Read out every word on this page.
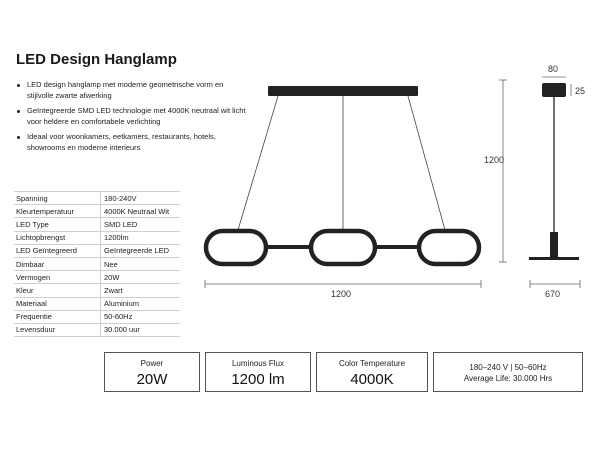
LED Design Hanglamp
LED design hanglamp met moderne geometrische vorm en stijlvolle zwarte afwerking
Geïntegreerde SMD LED technologie met 4000K neutraal wit licht voor heldere en comfortabele verlichting
Ideaal voor woonkamers, eetkamers, restaurants, hotels, showrooms en moderne interieurs
Spanning	180-240V
Kleurtemperatuur	4000K Neutraal Wit
LED Type	SMD LED
Lichtopbrengst	1200lm
LED Geïntegreerd	Geïntegreerde LED
Dimbaar	Nee
Vermogen	20W
Kleur	Zwart
Materiaal	Aluminium
Frequentie	50-60Hz
Levensduur	30.000 uur
1200
1200
80
25
670
Power
20W
Luminous Flux
1200 lm
Color Temperature
4000K
180–240 V | 50–60Hz
Average Life: 30.000 Hrs
